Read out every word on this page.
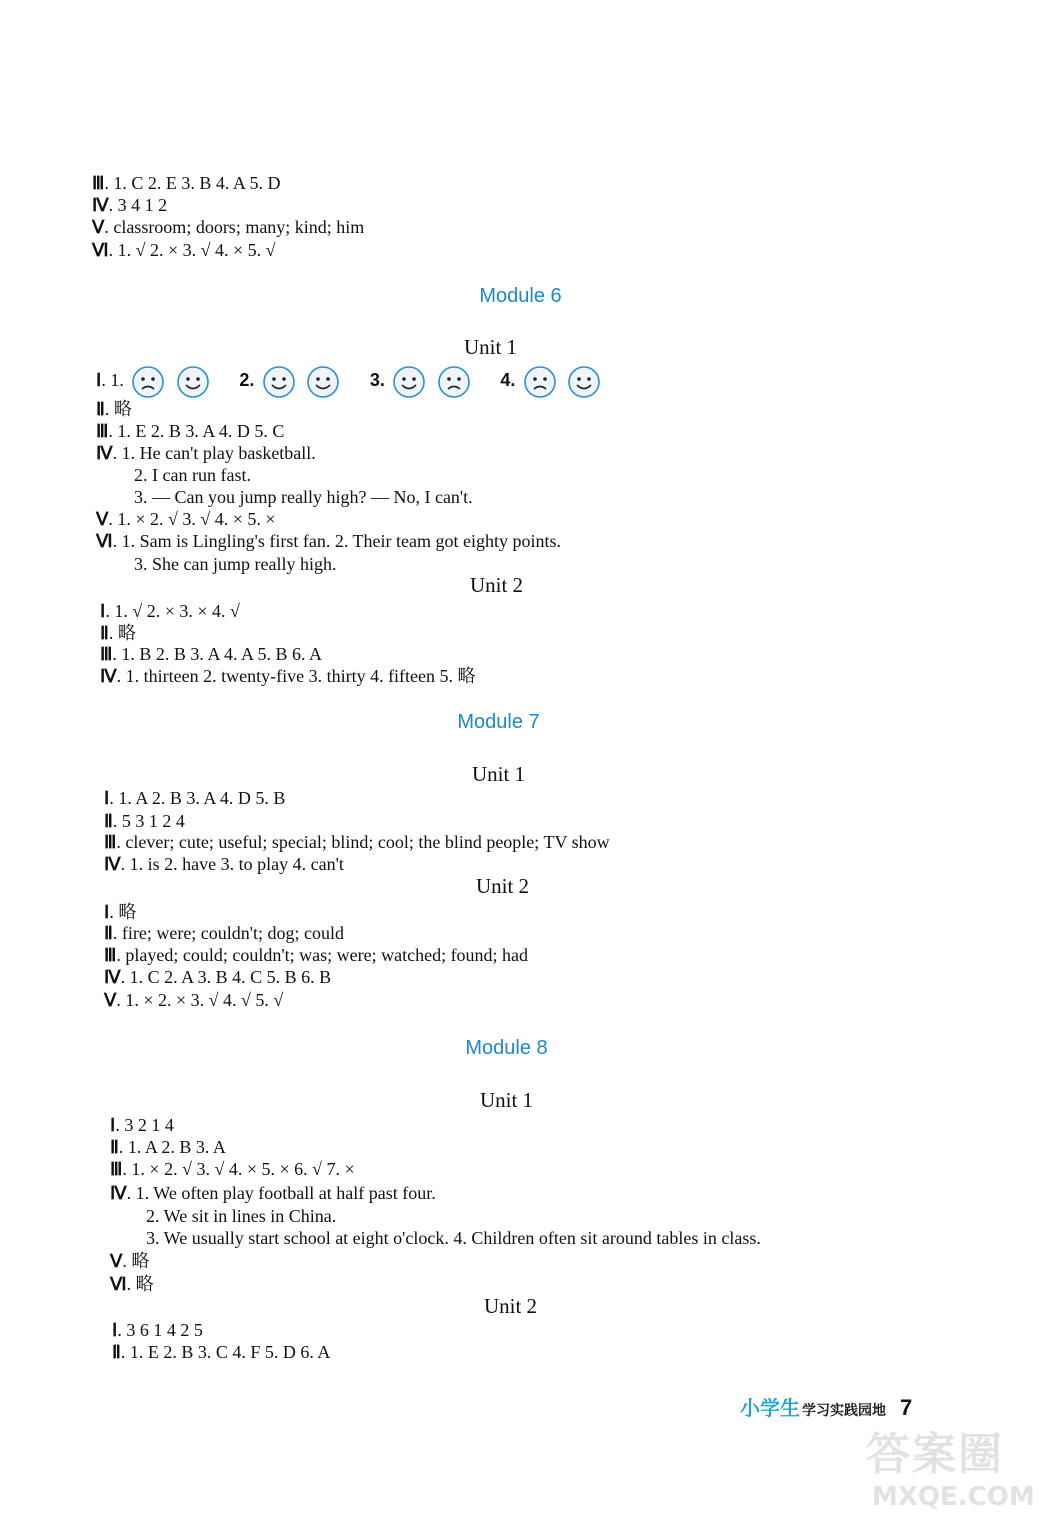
Ⅲ. 1. C 2. E 3. B 4. A 5. D
Ⅳ. 3 4 1 2
Ⅴ. classroom; doors; many; kind; him
Ⅵ. 1. √ 2. × 3. √ 4. × 5. √
Module 6
Unit 1
Ⅰ. 1.	2.	3.	4.
Ⅱ. 略
Ⅲ. 1. E 2. B 3. A 4. D 5. C
Ⅳ. 1. He can't play basketball.
2. I can run fast.
3. — Can you jump really high? — No, I can't.
Ⅴ. 1. × 2. √ 3. √ 4. × 5. ×
Ⅵ. 1. Sam is Lingling's first fan. 2. Their team got eighty points.
3. She can jump really high.
Unit 2
Ⅰ. 1. √ 2. × 3. × 4. √
Ⅱ. 略
Ⅲ. 1. B 2. B 3. A 4. A 5. B 6. A
Ⅳ. 1. thirteen 2. twenty-five 3. thirty 4. fifteen 5. 略
Module 7
Unit 1
Ⅰ. 1. A 2. B 3. A 4. D 5. B
Ⅱ. 5 3 1 2 4
Ⅲ. clever; cute; useful; special; blind; cool; the blind people; TV show
Ⅳ. 1. is 2. have 3. to play 4. can't
Unit 2
Ⅰ. 略
Ⅱ. fire; were; couldn't; dog; could
Ⅲ. played; could; couldn't; was; were; watched; found; had
Ⅳ. 1. C 2. A 3. B 4. C 5. B 6. B
Ⅴ. 1. × 2. × 3. √ 4. √ 5. √
Module 8
Unit 1
Ⅰ. 3 2 1 4
Ⅱ. 1. A 2. B 3. A
Ⅲ. 1. × 2. √ 3. √ 4. × 5. × 6. √ 7. ×
Ⅳ. 1. We often play football at half past four.
2. We sit in lines in China.
3. We usually start school at eight o'clock. 4. Children often sit around tables in class.
Ⅴ. 略
Ⅵ. 略
Unit 2
Ⅰ. 3 6 1 4 2 5
Ⅱ. 1. E 2. B 3. C 4. F 5. D 6. A
小学生 学习实践园地 7
答案圈
MXQE.COM
